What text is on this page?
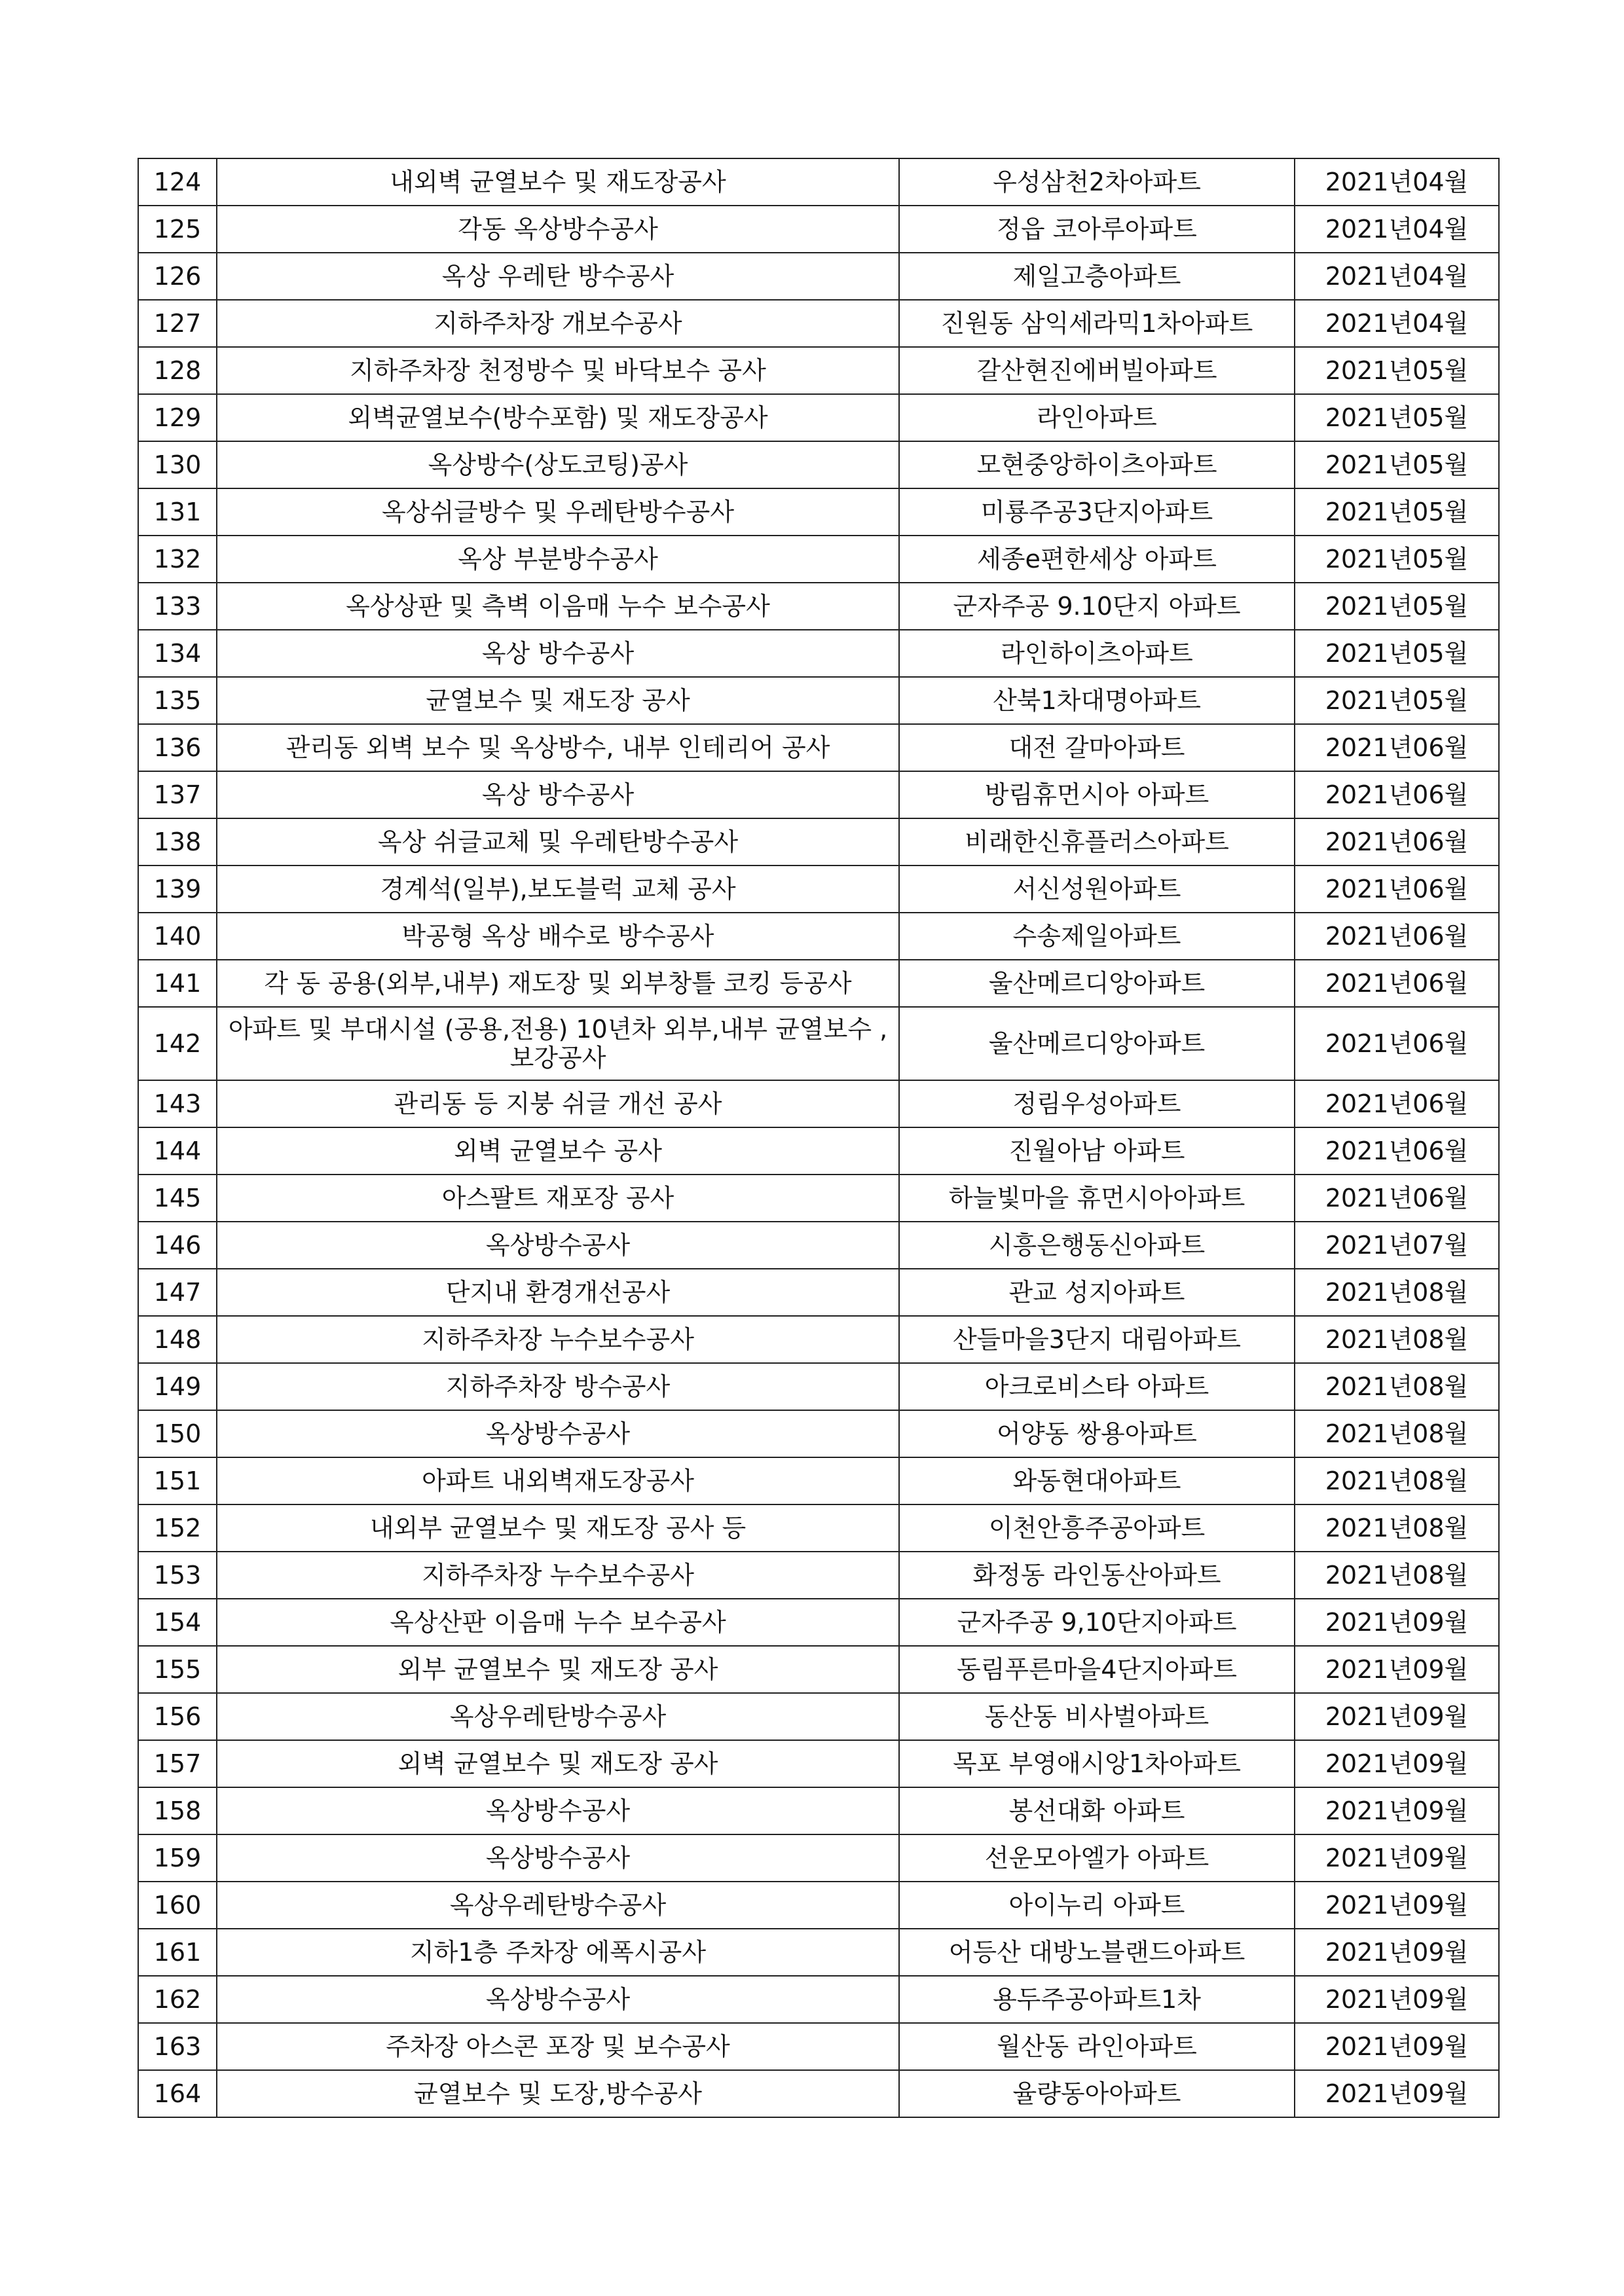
124	내외벽 균열보수 및 재도장공사	우성삼천2차아파트	2021년04월
125	각동 옥상방수공사	정읍 코아루아파트	2021년04월
126	옥상 우레탄 방수공사	제일고층아파트	2021년04월
127	지하주차장 개보수공사	진원동 삼익세라믹1차아파트	2021년04월
128	지하주차장 천정방수 및 바닥보수 공사	갈산현진에버빌아파트	2021년05월
129	외벽균열보수(방수포함) 및 재도장공사	라인아파트	2021년05월
130	옥상방수(상도코팅)공사	모현중앙하이츠아파트	2021년05월
131	옥상쉬글방수 및 우레탄방수공사	미룡주공3단지아파트	2021년05월
132	옥상 부분방수공사	세종e편한세상 아파트	2021년05월
133	옥상상판 및 측벽 이음매 누수 보수공사	군자주공 9.10단지 아파트	2021년05월
134	옥상 방수공사	라인하이츠아파트	2021년05월
135	균열보수 및 재도장 공사	산북1차대명아파트	2021년05월
136	관리동 외벽 보수 및 옥상방수, 내부 인테리어 공사	대전 갈마아파트	2021년06월
137	옥상 방수공사	방림휴먼시아 아파트	2021년06월
138	옥상 쉬글교체 및 우레탄방수공사	비래한신휴플러스아파트	2021년06월
139	경계석(일부),보도블럭 교체 공사	서신성원아파트	2021년06월
140	박공형 옥상 배수로 방수공사	수송제일아파트	2021년06월
141	각 동 공용(외부,내부) 재도장 및 외부창틀 코킹 등공사	울산메르디앙아파트	2021년06월
142	아파트 및 부대시설 (공용,전용) 10년차 외부,내부 균열보수 ,보강공사	울산메르디앙아파트	2021년06월
143	관리동 등 지붕 쉬글 개선 공사	정림우성아파트	2021년06월
144	외벽 균열보수 공사	진월아남 아파트	2021년06월
145	아스팔트 재포장 공사	하늘빛마을 휴먼시아아파트	2021년06월
146	옥상방수공사	시흥은행동신아파트	2021년07월
147	단지내 환경개선공사	관교 성지아파트	2021년08월
148	지하주차장 누수보수공사	산들마을3단지 대림아파트	2021년08월
149	지하주차장 방수공사	아크로비스타 아파트	2021년08월
150	옥상방수공사	어양동 쌍용아파트	2021년08월
151	아파트 내외벽재도장공사	와동현대아파트	2021년08월
152	내외부 균열보수 및 재도장 공사 등	이천안흥주공아파트	2021년08월
153	지하주차장 누수보수공사	화정동 라인동산아파트	2021년08월
154	옥상산판 이음매 누수 보수공사	군자주공 9,10단지아파트	2021년09월
155	외부 균열보수 및 재도장 공사	동림푸른마을4단지아파트	2021년09월
156	옥상우레탄방수공사	동산동 비사벌아파트	2021년09월
157	외벽 균열보수 및 재도장 공사	목포 부영애시앙1차아파트	2021년09월
158	옥상방수공사	봉선대화 아파트	2021년09월
159	옥상방수공사	선운모아엘가 아파트	2021년09월
160	옥상우레탄방수공사	아이누리 아파트	2021년09월
161	지하1층 주차장 에폭시공사	어등산 대방노블랜드아파트	2021년09월
162	옥상방수공사	용두주공아파트1차	2021년09월
163	주차장 아스콘 포장 및 보수공사	월산동 라인아파트	2021년09월
164	균열보수 및 도장,방수공사	율량동아아파트	2021년09월
